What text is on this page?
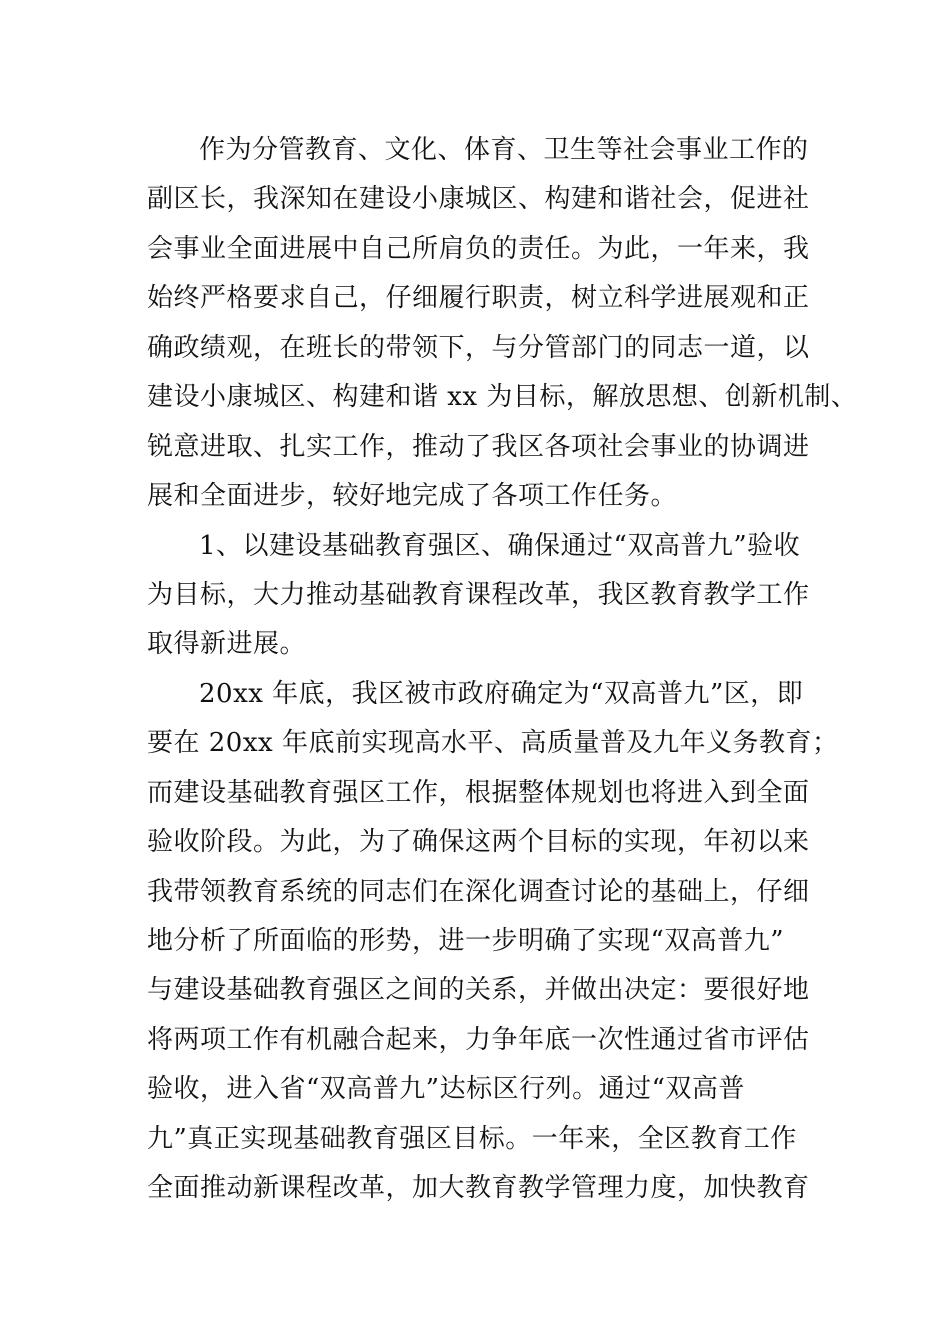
作为分管教育、文化、体育、卫生等社会事业工作的
副区长，我深知在建设小康城区、构建和谐社会，促进社
会事业全面进展中自己所肩负的责任。为此，一年来，我
始终严格要求自己，仔细履行职责，树立科学进展观和正
确政绩观，在班长的带领下，与分管部门的同志一道，以
建设小康城区、构建和谐 xx 为目标，解放思想、创新机制、
锐意进取、扎实工作，推动了我区各项社会事业的协调进
展和全面进步，较好地完成了各项工作任务。
1、以建设基础教育强区、确保通过“双高普九”验收
为目标，大力推动基础教育课程改革，我区教育教学工作
取得新进展。
20xx 年底，我区被市政府确定为“双高普九”区，即
要在 20xx 年底前实现高水平、高质量普及九年义务教育；
而建设基础教育强区工作，根据整体规划也将进入到全面
验收阶段。为此，为了确保这两个目标的实现，年初以来
我带领教育系统的同志们在深化调查讨论的基础上，仔细
地分析了所面临的形势，进一步明确了实现“双高普九”
与建设基础教育强区之间的关系，并做出决定：要很好地
将两项工作有机融合起来，力争年底一次性通过省市评估
验收，进入省“双高普九”达标区行列。通过“双高普
九”真正实现基础教育强区目标。一年来，全区教育工作
全面推动新课程改革，加大教育教学管理力度，加快教育
